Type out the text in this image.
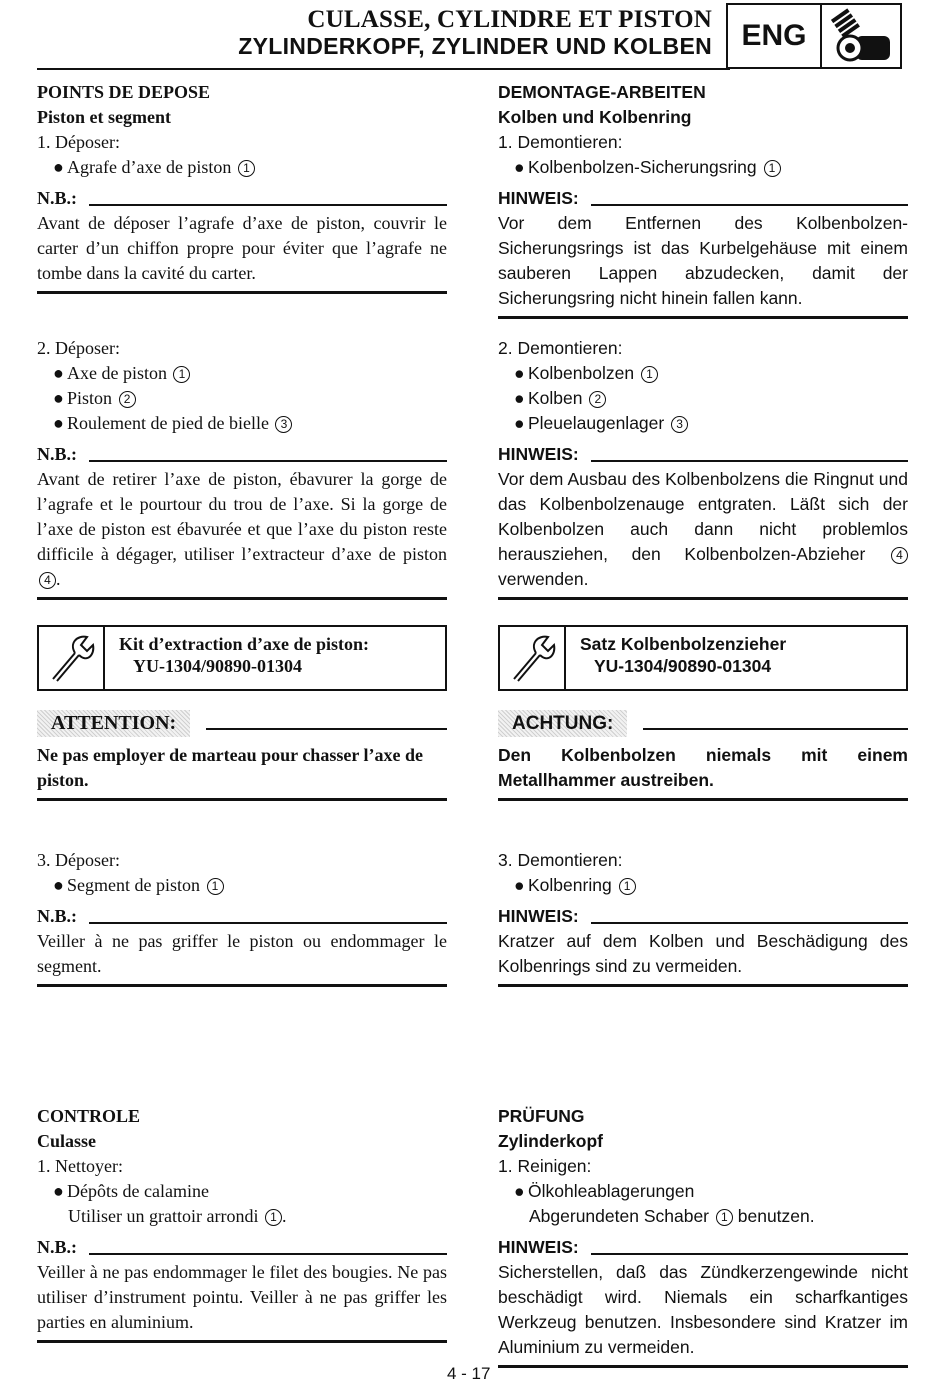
CULASSE, CYLINDRE ET PISTON
ZYLINDERKOPF, ZYLINDER UND KOLBEN ENG
POINTS DE DEPOSE
Piston et segment
1. Déposer:
● Agrafe d’axe de piston 1
N.B.:
Avant de déposer l’agrafe d’axe de piston, couvrir le carter d’un chiffon propre pour éviter que l’agrafe ne tombe dans la cavité du carter.
2. Déposer:
● Axe de piston 1
● Piston 2
● Roulement de pied de bielle 3
N.B.:
Avant de retirer l’axe de piston, ébavurer la gorge de l’agrafe et le pourtour du trou de l’axe. Si la gorge de l’axe de piston est ébavurée et que l’axe du piston reste difficile à dégager, utiliser l’extracteur d’axe de piston 4 .
Kit d’extraction d’axe de piston:
YU-1304/90890-01304
ATTENTION:
Ne pas employer de marteau pour chasser l’axe de piston.
3. Déposer:
● Segment de piston 1
N.B.:
Veiller à ne pas griffer le piston ou endommager le segment.
CONTROLE
Culasse
1. Nettoyer:
● Dépôts de calamine
Utiliser un grattoir arrondi 1 .
N.B.:
Veiller à ne pas endommager le filet des bougies. Ne pas utiliser d’instrument pointu. Veiller à ne pas griffer les parties en aluminium.
DEMONTAGE-ARBEITEN
Kolben und Kolbenring
1. Demontieren:
● Kolbenbolzen-Sicherungsring 1
HINWEIS:
Vor dem Entfernen des Kolbenbolzen-Sicherungsrings ist das Kurbelgehäuse mit einem sauberen Lappen abzudecken, damit der Sicherungsring nicht hinein fallen kann.
2. Demontieren:
● Kolbenbolzen 1
● Kolben 2
● Pleuelaugenlager 3
HINWEIS:
Vor dem Ausbau des Kolbenbolzens die Ringnut und das Kolbenbolzenauge entgraten. Läßt sich der Kolbenbolzen auch dann nicht problemlos herausziehen, den Kolbenbolzen-Abzieher	4 verwenden.
Satz Kolbenbolzenzieher
YU-1304/90890-01304
ACHTUNG:
Den Kolbenbolzen niemals mit einem Metallhammer austreiben.
3. Demontieren:
● Kolbenring 1
HINWEIS:
Kratzer auf dem Kolben und Beschädigung des Kolbenrings sind zu vermeiden.
PRÜFUNG
Zylinderkopf
1. Reinigen:
● Ölkohleablagerungen
Abgerundeten Schaber 1 benutzen.
HINWEIS:
Sicherstellen, daß das Zündkerzengewinde nicht beschädigt wird. Niemals ein scharfkantiges Werkzeug benutzen. Insbesondere sind Kratzer im Aluminium zu vermeiden.
4 - 17
